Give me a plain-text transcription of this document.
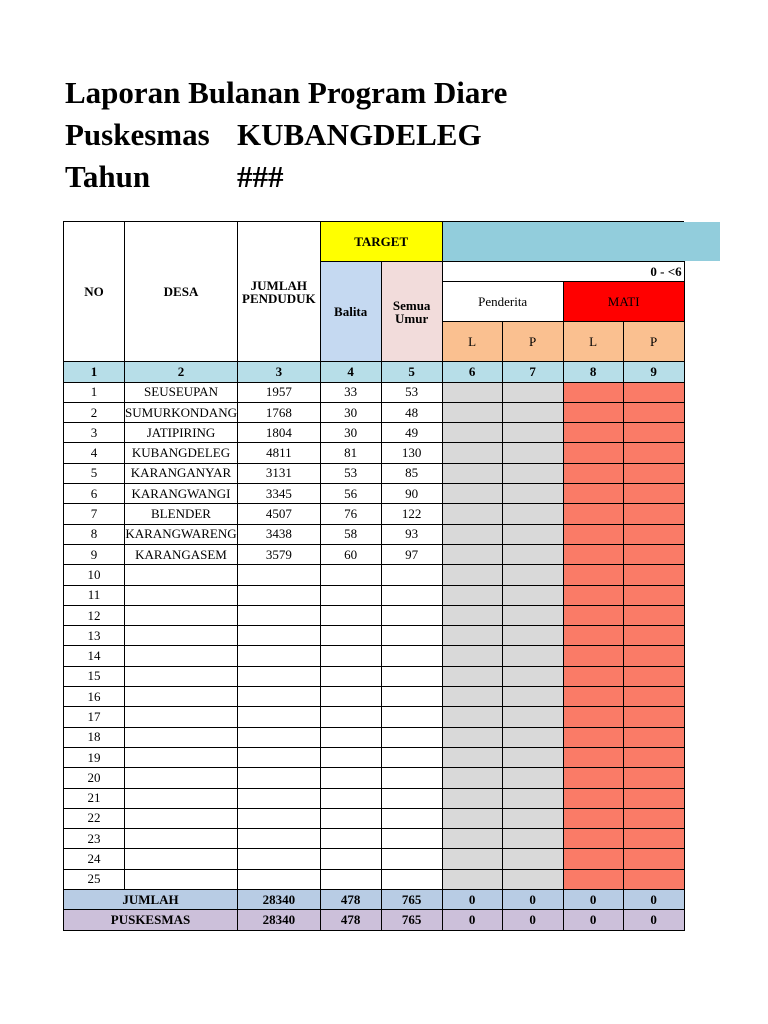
Laporan Bulanan Program Diare
Puskesmas KUBANGDELEG
Tahun	###
NO	DESA	JUMLAH PENDUDUK	TARGET					
			Balita	Semua Umur	0 - <6			
					Penderita		MATI	
					L	P	L	P
1	2	3	4	5	6	7	8	9
1	SEUSEUPAN	1957	33	53				
2	SUMURKONDANG	1768	30	48				
3	JATIPIRING	1804	30	49				
4	KUBANGDELEG	4811	81	130				
5	KARANGANYAR	3131	53	85				
6	KARANGWANGI	3345	56	90				
7	BLENDER	4507	76	122				
8	KARANGWARENG	3438	58	93				
9	KARANGASEM	3579	60	97				
10								
11								
12								
13								
14								
15								
16								
17								
18								
19								
20								
21								
22								
23								
24								
25								
JUMLAH		28340	478	765	0	0	0	0
PUSKESMAS		28340	478	765	0	0	0	0
